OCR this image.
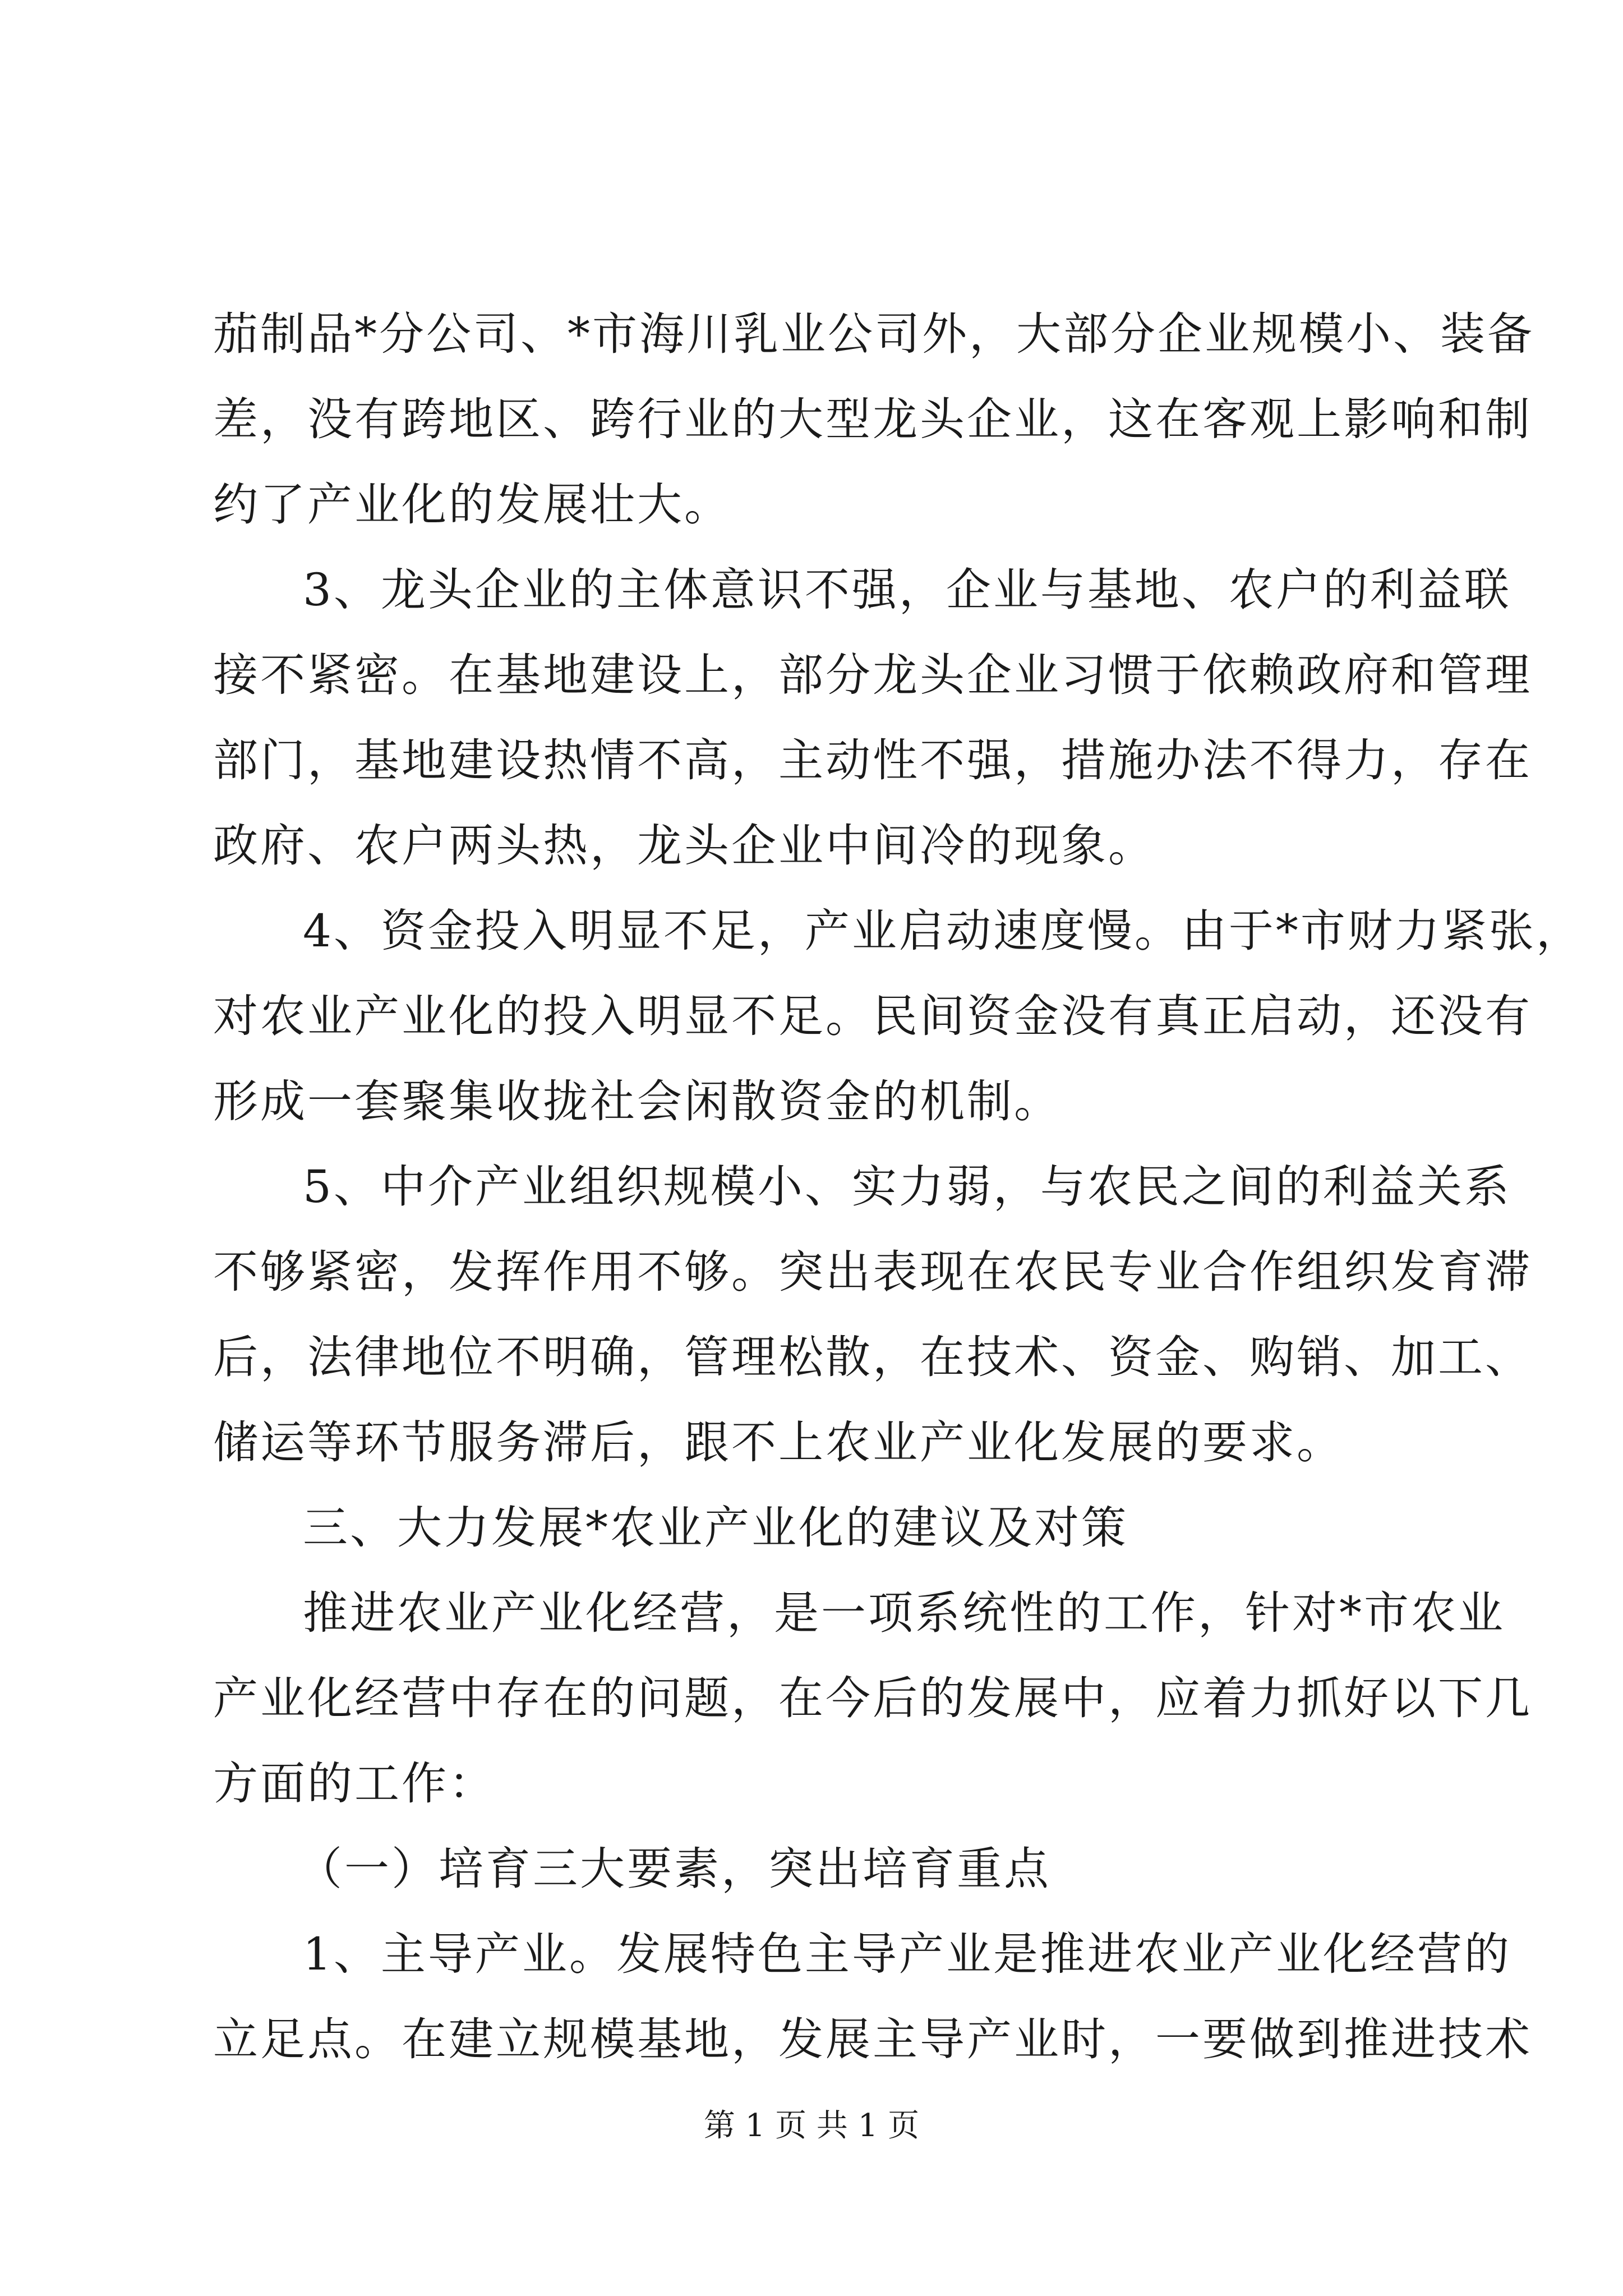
茄制品*分公司、*市海川乳业公司外，大部分企业规模小、装备
差，没有跨地区、跨行业的大型龙头企业，这在客观上影响和制
约了产业化的发展壮大。
3、龙头企业的主体意识不强，企业与基地、农户的利益联
接不紧密。在基地建设上，部分龙头企业习惯于依赖政府和管理
部门，基地建设热情不高，主动性不强，措施办法不得力，存在
政府、农户两头热，龙头企业中间冷的现象。
4、资金投入明显不足，产业启动速度慢。由于*市财力紧张，
对农业产业化的投入明显不足。民间资金没有真正启动，还没有
形成一套聚集收拢社会闲散资金的机制。
5、中介产业组织规模小、实力弱，与农民之间的利益关系
不够紧密，发挥作用不够。突出表现在农民专业合作组织发育滞
后，法律地位不明确，管理松散，在技术、资金、购销、加工、
储运等环节服务滞后，跟不上农业产业化发展的要求。
三、大力发展*农业产业化的建议及对策
推进农业产业化经营，是一项系统性的工作，针对*市农业
产业化经营中存在的问题，在今后的发展中，应着力抓好以下几
方面的工作：
（一）培育三大要素，突出培育重点
1、主导产业。发展特色主导产业是推进农业产业化经营的
立足点。在建立规模基地，发展主导产业时，一要做到推进技术
第 1 页 共 1 页
